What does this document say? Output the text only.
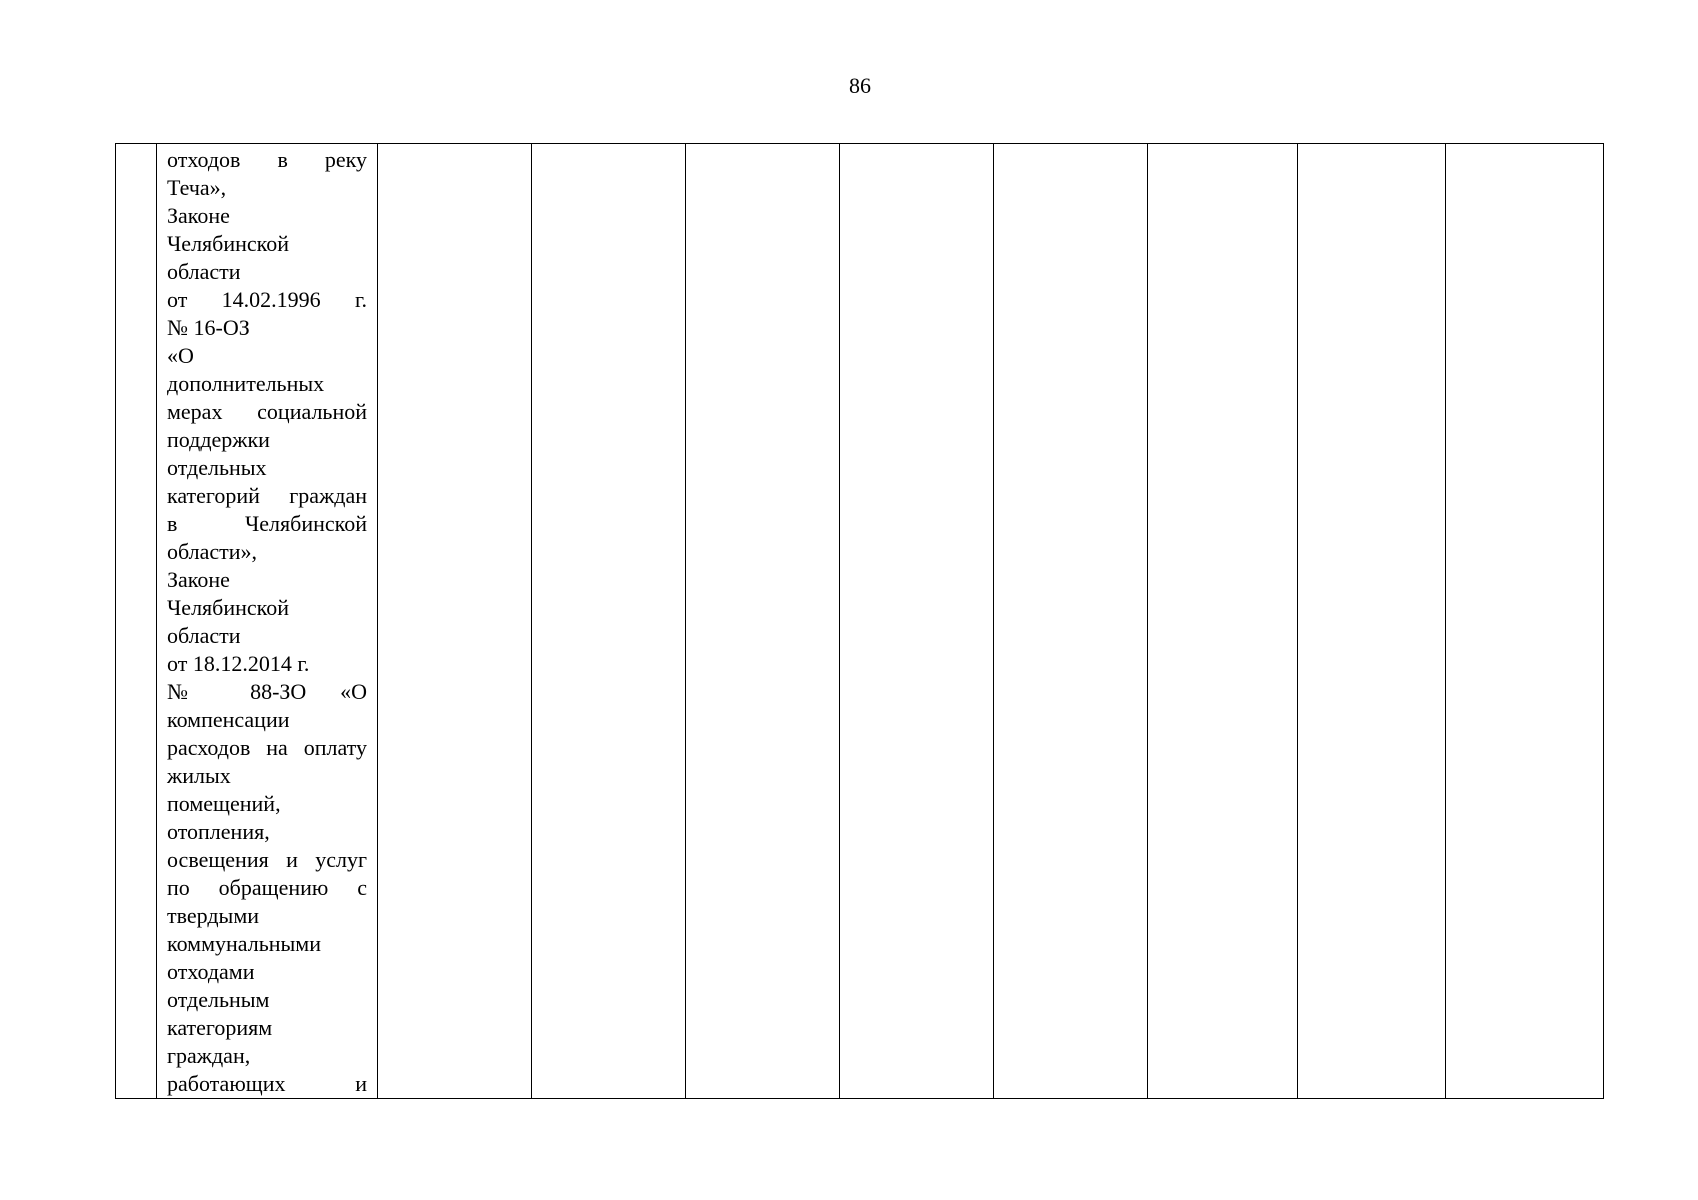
86

отходов в реку
Теча»,
Законе
Челябинской
области
от 14.02.1996 г.
№ 16-ОЗ
«О
дополнительных
мерах социальной
поддержки
отдельных
категорий граждан
в Челябинской
области»,
Законе
Челябинской
области
от 18.12.2014 г.
№ 88-ЗО «О
компенсации
расходов на оплату
жилых
помещений,
отопления,
освещения и услуг
по обращению с
твердыми
коммунальными
отходами
отдельным
категориям
граждан,
работающих и
